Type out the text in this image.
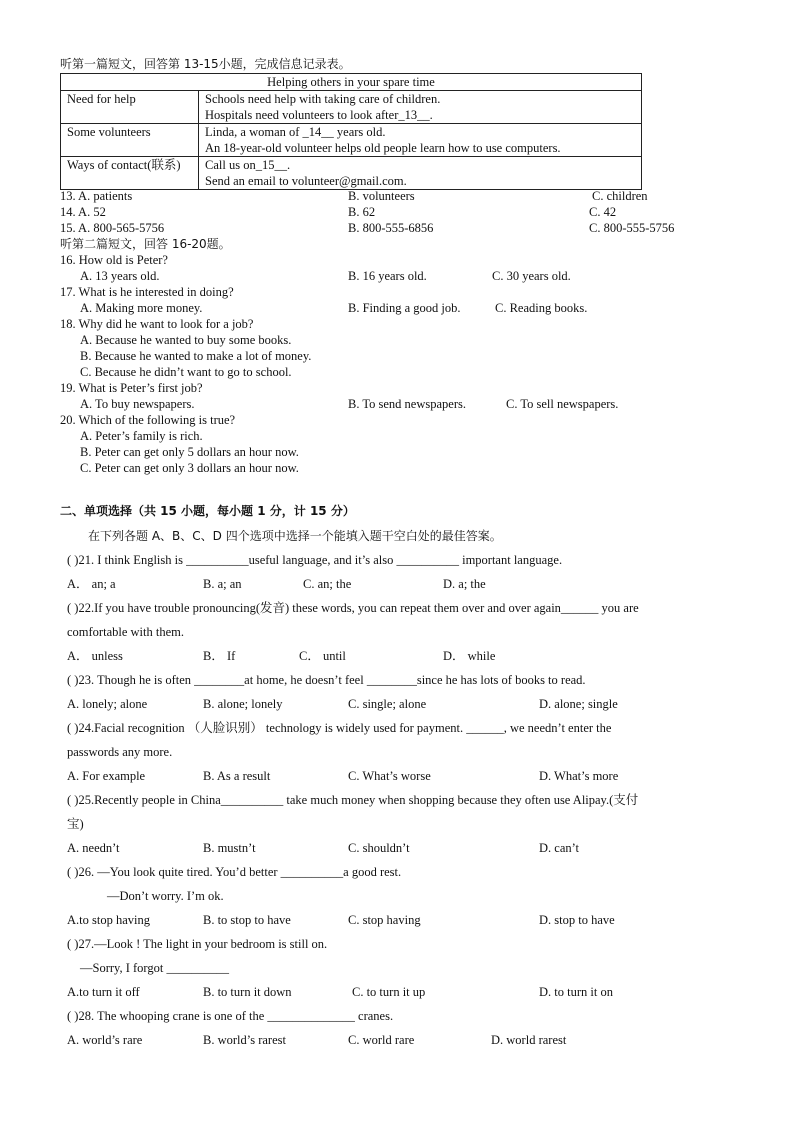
听第一篇短文，回答第 13-15小题，完成信息记录表。
Helping others in your spare time	
Need for help	Schools need help with taking care of children.
Hospitals need volunteers to look after_13__.

Some volunteers	Linda, a woman of _14__ years old.
An 18-year-old volunteer helps old people learn how to use computers.

Ways of contact(联系)	Call us on_15__.
Send an email to volunteer@gmail.com.
13. A. patients	B. volunteers	C. children
14. A. 52	B. 62	C. 42
15. A. 800-565-5756	B. 800-555-6856	C. 800-555-5756
听第二篇短文，回答 16-20题。
16. How old is Peter?
A. 13 years old.	B. 16 years old.	C. 30 years old.
17. What is he interested in doing?
A. Making more money.	B. Finding a good job.	C. Reading books.
18. Why did he want to look for a job?
A. Because he wanted to buy some books.
B. Because he wanted to make a lot of money.
C. Because he didn’t want to go to school.
19. What is Peter’s first job?
A. To buy newspapers.	B. To send newspapers.	C. To sell newspapers.
20. Which of the following is true?
A. Peter’s family is rich.
B. Peter can get only 5 dollars an hour now.
C. Peter can get only 3 dollars an hour now.
二、单项选择（共 15 小题，每小题 1 分，计 15 分）
在下列各题 A、B、C、D 四个选项中选择一个能填入题干空白处的最佳答案。
( )21. I think English is __________useful language, and it’s also __________ important language.
A． an; a	B. a; an	C. an; the	D. a; the
( )22.If you have trouble pronouncing(发音) these words, you can repeat them over and over again______ you are
comfortable with them.
A． unless	B． If	C． until	D． while
( )23. Though he is often ________at home, he doesn’t feel ________since he has lots of books to read.
A. lonely; alone	B. alone; lonely	C. single; alone	D. alone; single
( )24.Facial recognition （人脸识别） technology is widely used for payment. ______, we needn’t enter the
passwords any more.
A. For example	B. As a result	C. What’s worse	D. What’s more
( )25.Recently people in China__________ take much money when shopping because they often use Alipay.(支付
宝)
A. needn’t	B. mustn’t	C. shouldn’t	D. can’t
( )26. —You look quite tired. You’d better __________a good rest.
—Don’t worry. I’m ok.
A.to stop having	B. to stop to have	C. stop having	D. stop to have
( )27.—Look ! The light in your bedroom is still on.
—Sorry, I forgot __________
A.to turn it off	B. to turn it down	C. to turn it up	D. to turn it on
( )28. The whooping crane is one of the ______________ cranes.
A. world’s rare	B. world’s rarest	C. world rare	D. world rarest
